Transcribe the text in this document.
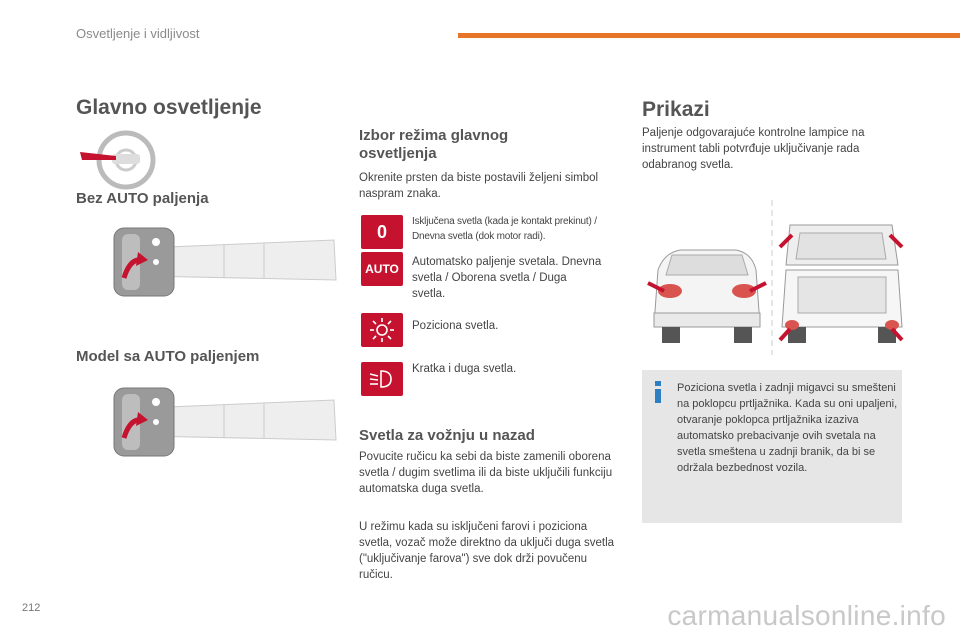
Osvetljenje i vidljivost
Glavno osvetljenje
Bez AUTO paljenja
Model sa AUTO paljenjem
Izbor režima glavnog osvetljenja
Okrenite prsten da biste postavili željeni simbol naspram znaka.
0	Isključena svetla (kada je kontakt prekinut) / Dnevna svetla (dok motor radi).
AUTO Automatsko paljenje svetala. Dnevna svetla / Oborena svetla / Duga svetla.
Poziciona svetla.
Kratka i duga svetla.
Svetla za vožnju u nazad
Povucite ručicu ka sebi da biste zamenili oborena svetla / dugim svetlima ili da biste uključili funkciju automatska duga svetla.
U režimu kada su isključeni farovi i poziciona svetla, vozač može direktno da uključi duga svetla ("uključivanje farova") sve dok drži povučenu ručicu.
Prikazi
Paljenje odgovarajuće kontrolne lampice na instrument tabli potvrđuje uključivanje rada odabranog svetla.
Poziciona svetla i zadnji migavci su smešteni na poklopcu prtljažnika. Kada su oni upaljeni, otvaranje poklopca prtljažnika izaziva automatsko prebacivanje ovih svetala na svetla smeštena u zadnji branik, da bi se održala bezbednost vozila.
212	carmanualsonline.info
